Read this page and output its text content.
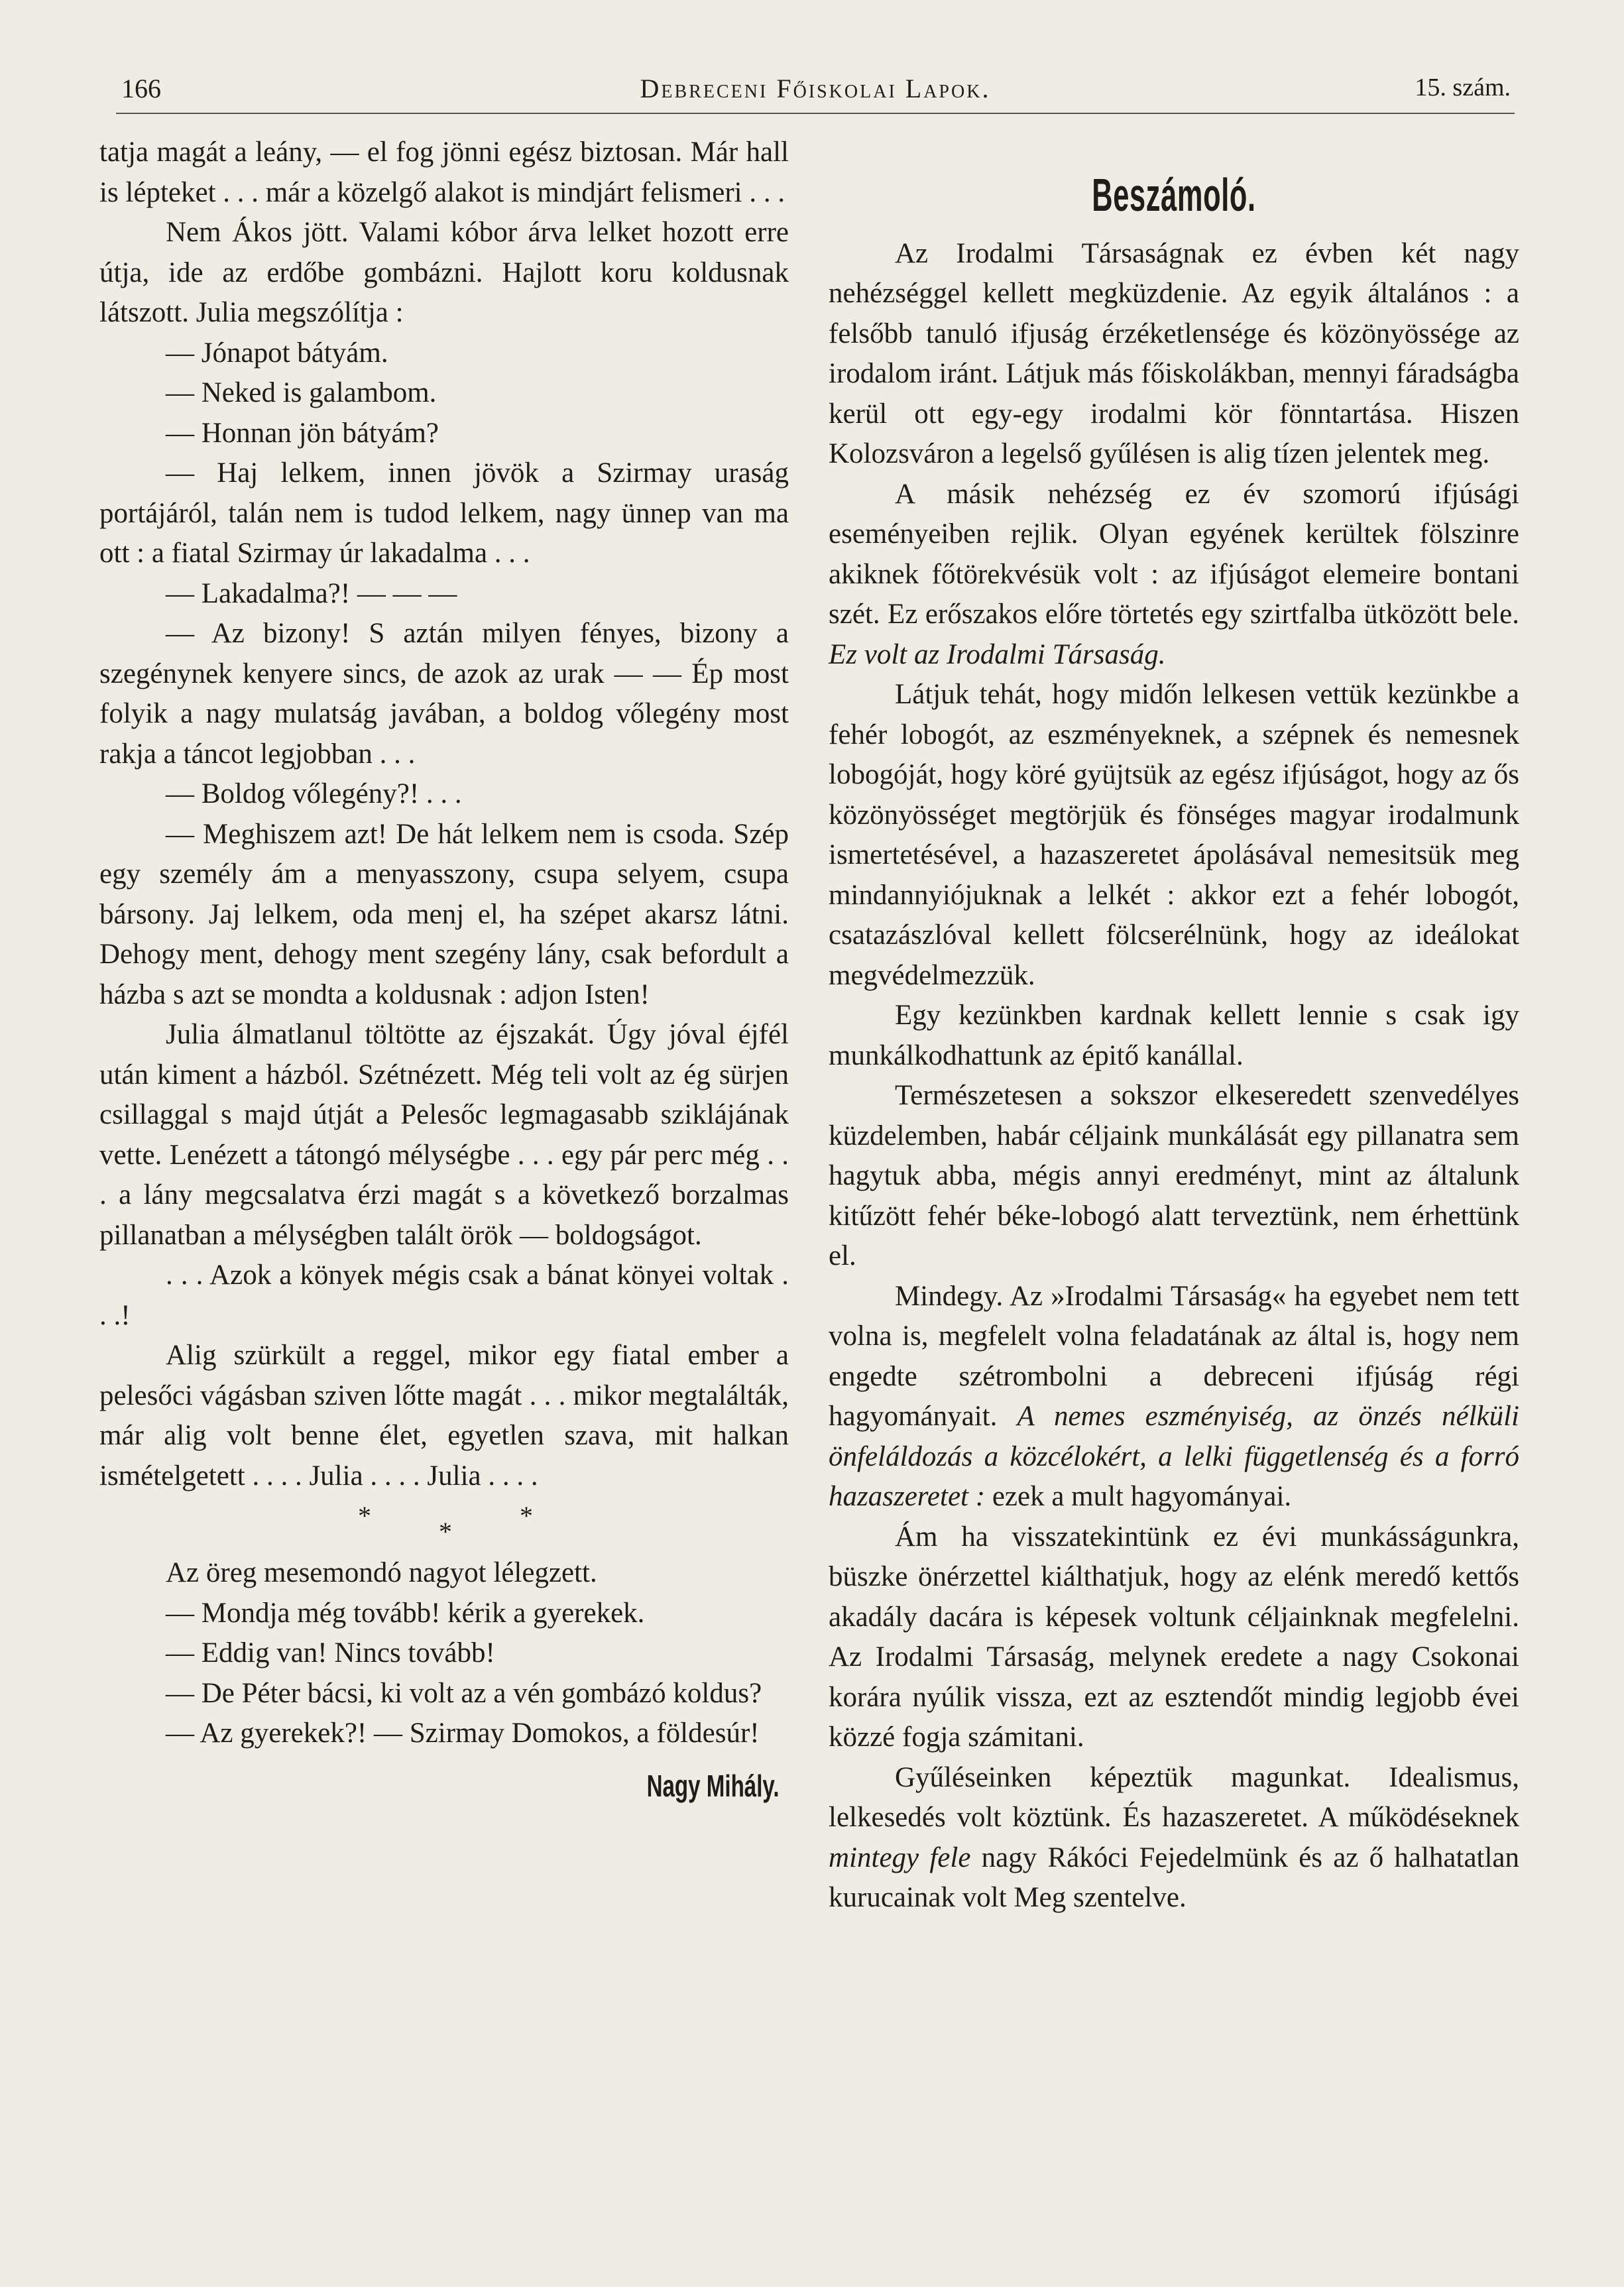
166	Debreceni Főiskolai Lapok.	15. szám.

tatja magát a leány, — el fog jönni egész biztosan. Már hall is lépteket . . . már a közelgő alakot is mindjárt felismeri . . .

Nem Ákos jött. Valami kóbor árva lelket hozott erre útja, ide az erdőbe gombázni. Hajlott koru koldusnak látszott. Julia megszólítja :

— Jónapot bátyám.

— Neked is galambom.

— Honnan jön bátyám?

— Haj lelkem, innen jövök a Szirmay uraság portájáról, talán nem is tudod lelkem, nagy ünnep van ma ott : a fiatal Szirmay úr lakadalma . . .

— Lakadalma?! — — —

— Az bizony! S aztán milyen fényes, bizony a szegénynek kenyere sincs, de azok az urak — — Ép most folyik a nagy mulatság javában, a boldog vőlegény most rakja a táncot legjobban . . .

— Boldog vőlegény?! . . .

— Meghiszem azt! De hát lelkem nem is csoda. Szép egy személy ám a menyasszony, csupa selyem, csupa bársony. Jaj lelkem, oda menj el, ha szépet akarsz látni. Dehogy ment, dehogy ment szegény lány, csak befordult a házba s azt se mondta a koldusnak : adjon Isten!

Julia álmatlanul töltötte az éjszakát. Úgy jóval éjfél után kiment a házból. Szétnézett. Még teli volt az ég sürjen csillaggal s majd útját a Pelesőc legmagasabb sziklájának vette. Lenézett a tátongó mélységbe . . . egy pár perc még . . . a lány megcsalatva érzi magát s a következő borzalmas pillanatban a mélységben talált örök — boldogságot.

. . . Azok a könyek mégis csak a bánat könyei voltak . . .!

Alig szürkült a reggel, mikor egy fiatal ember a pelesőci vágásban sziven lőtte magát . . . mikor megtalálták, már alig volt benne élet, egyetlen szava, mit halkan ismételgetett . . . . Julia . . . . Julia . . . .

*
*
*

Az öreg mesemondó nagyot lélegzett.

— Mondja még tovább! kérik a gyerekek.

— Eddig van! Nincs tovább!

— De Péter bácsi, ki volt az a vén gombázó koldus?

— Az gyerekek?! — Szirmay Domokos, a földesúr!

Nagy Mihály.
Beszámoló.

Az Irodalmi Társaságnak ez évben két nagy nehézséggel kellett megküzdenie. Az egyik általános : a felsőbb tanuló ifjuság érzéketlensége és közönyössége az irodalom iránt. Látjuk más főiskolákban, mennyi fáradságba kerül ott egy-egy irodalmi kör fönntartása. Hiszen Kolozsváron a legelső gyűlésen is alig tízen jelentek meg.

A másik nehézség ez év szomorú ifjúsági eseményeiben rejlik. Olyan egyének kerültek fölszinre akiknek főtörekvésük volt : az ifjúságot elemeire bontani szét. Ez erőszakos előre törtetés egy szirtfalba ütközött bele. Ez volt az Irodalmi Társaság.

Látjuk tehát, hogy midőn lelkesen vettük kezünkbe a fehér lobogót, az eszményeknek, a szépnek és nemesnek lobogóját, hogy köré gyüjtsük az egész ifjúságot, hogy az ős közönyösséget megtörjük és fönséges magyar irodalmunk ismertetésével, a hazaszeretet ápolásával nemesitsük meg mindannyiójuknak a lelkét : akkor ezt a fehér lobogót, csatazászlóval kellett fölcserélnünk, hogy az ideálokat megvédelmezzük.

Egy kezünkben kardnak kellett lennie s csak igy munkálkodhattunk az épitő kanállal.

Természetesen a sokszor elkeseredett szenvedélyes küzdelemben, habár céljaink munkálását egy pillanatra sem hagytuk abba, mégis annyi eredményt, mint az általunk kitűzött fehér béke-lobogó alatt terveztünk, nem érhettünk el.

Mindegy. Az »Irodalmi Társaság« ha egyebet nem tett volna is, megfelelt volna feladatának az által is, hogy nem engedte szétrombolni a debreceni ifjúság régi hagyományait. A nemes eszményiség, az önzés nélküli önfeláldozás a közcélokért, a lelki függetlenség és a forró hazaszeretet : ezek a mult hagyományai.

Ám ha visszatekintünk ez évi munkásságunkra, büszke önérzettel kiálthatjuk, hogy az elénk meredő kettős akadály dacára is képesek voltunk céljainknak megfelelni. Az Irodalmi Társaság, melynek eredete a nagy Csokonai korára nyúlik vissza, ezt az esztendőt mindig legjobb évei közzé fogja számitani.

Gyűléseinken képeztük magunkat. Idealismus, lelkesedés volt köztünk. És hazaszeretet. A működéseknek mintegy fele nagy Rákóci Fejedelmünk és az ő halhatatlan kurucainak volt Meg szentelve.
